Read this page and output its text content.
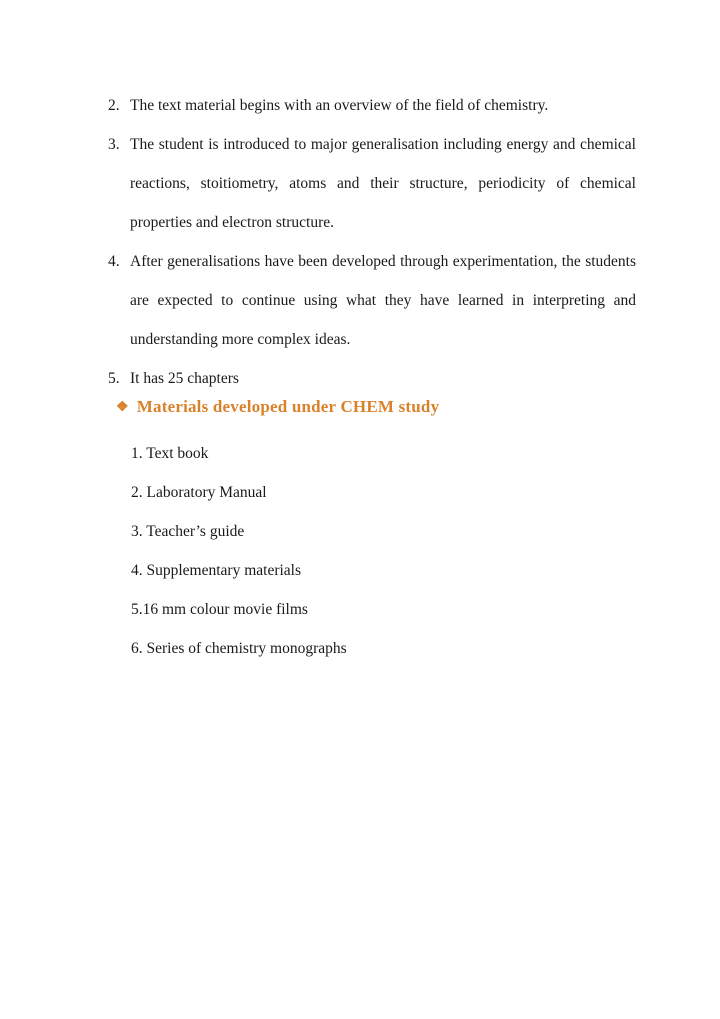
2. The text material begins with an overview of the field of chemistry.
3. The student is introduced to major generalisation including energy and chemical reactions, stoitiometry, atoms and their structure, periodicity of chemical properties and electron structure.
4. After generalisations have been developed through experimentation, the students are expected to continue using what they have learned in interpreting and understanding more complex ideas.
5. It has 25 chapters
❖ Materials developed under CHEM study
1. Text book
2. Laboratory Manual
3. Teacher’s guide
4. Supplementary materials
5.16 mm colour movie films
6. Series of chemistry monographs
